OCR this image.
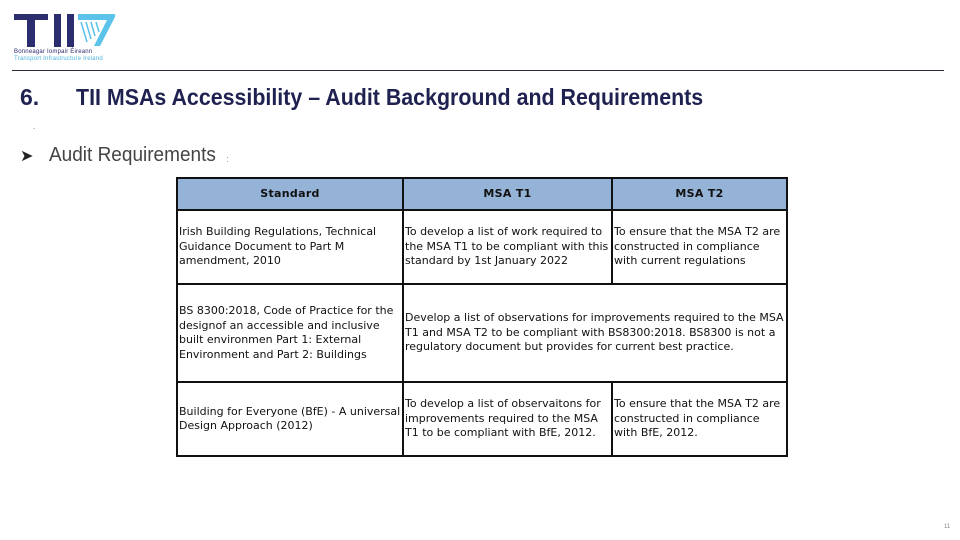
Bonneagar Iompair Éireann
Transport Infrastructure Ireland
6. TII MSAs Accessibility – Audit Background and Requirements
.
➤ Audit Requirements :
Standard	MSA T1	MSA T2
Irish Building Regulations, Technical Guidance Document to Part M amendment, 2010	To develop a list of work required to the MSA T1 to be compliant with this standard by 1st January 2022	To ensure that the MSA T2 are constructed in compliance with current regulations
BS 8300:2018, Code of Practice for the designof an accessible and inclusive built environmen Part 1: External Environment and Part 2: Buildings	Develop a list of observations for improvements required to the MSA T1 and MSA T2 to be compliant with BS8300:2018. BS8300 is not a regulatory document but provides for current best practice.	
Building for Everyone (BfE) - A universal Design Approach (2012)	To develop a list of observaitons for improvements required to the MSA T1 to be compliant with BfE, 2012.	To ensure that the MSA T2 are constructed in compliance with BfE, 2012.
11
